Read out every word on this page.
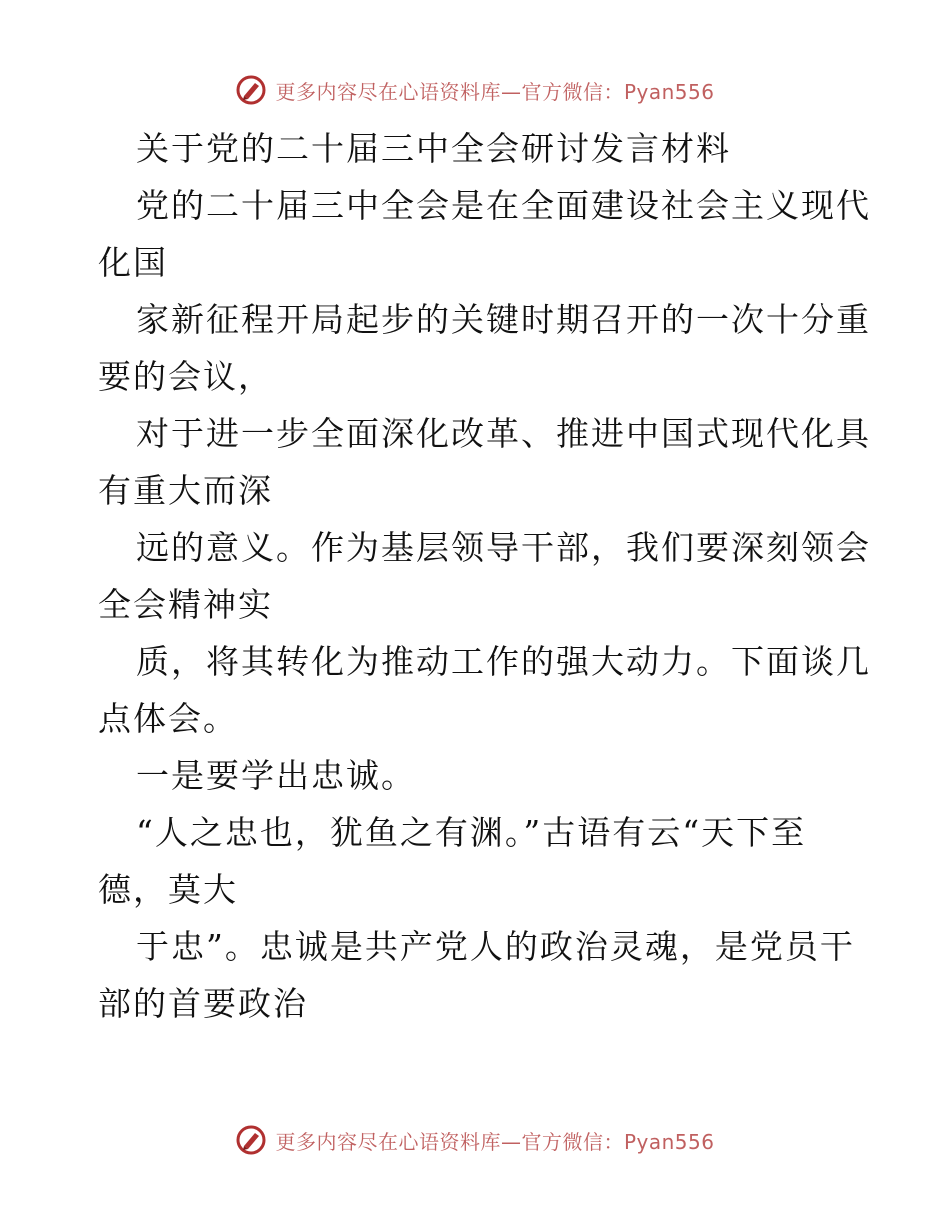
更多内容尽在心语资料库—官方微信：Pyan556
关于党的二十届三中全会研讨发言材料
党的二十届三中全会是在全面建设社会主义现代
化国
家新征程开局起步的关键时期召开的一次十分重
要的会议，
对于进一步全面深化改革、推进中国式现代化具
有重大而深
远的意义。作为基层领导干部，我们要深刻领会
全会精神实
质，将其转化为推动工作的强大动力。下面谈几
点体会。
一是要学出忠诚。
“人之忠也，犹鱼之有渊。”古语有云“天下至
德，莫大
于忠”。忠诚是共产党人的政治灵魂，是党员干
部的首要政治
更多内容尽在心语资料库—官方微信：Pyan556
